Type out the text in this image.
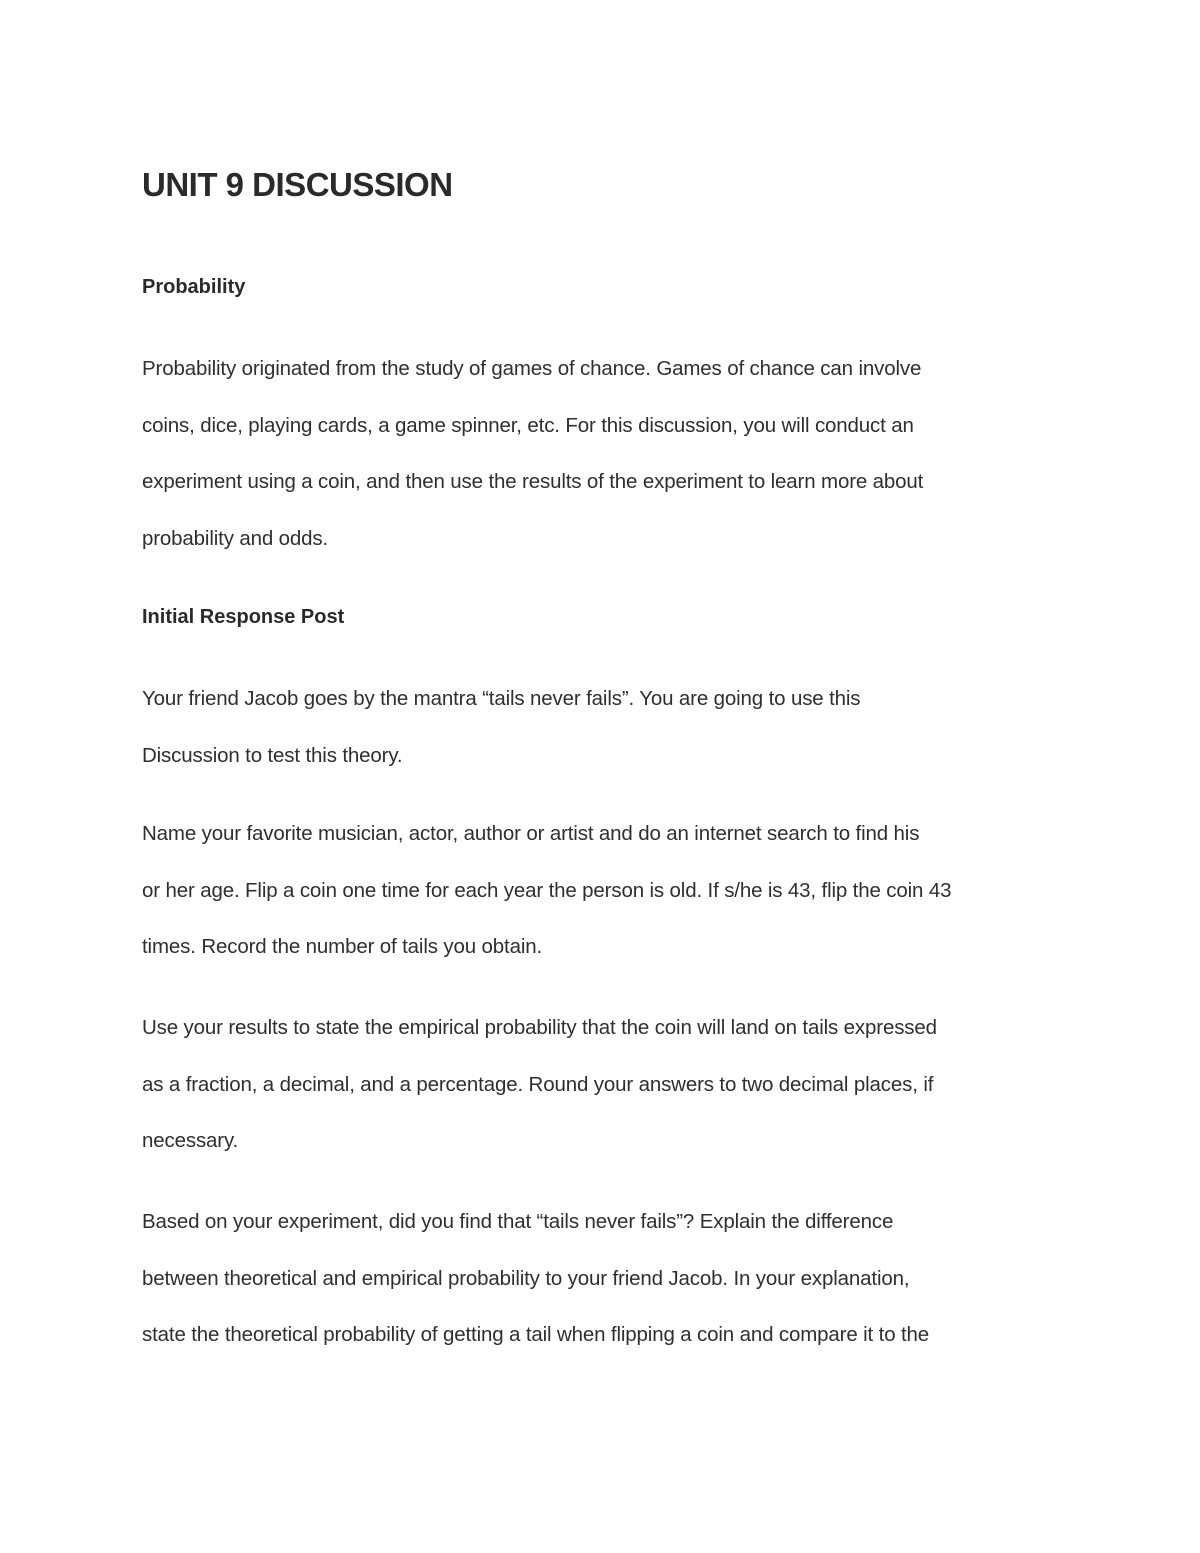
UNIT 9 DISCUSSION
Probability

Probability originated from the study of games of chance. Games of chance can involve
coins, dice, playing cards, a game spinner, etc. For this discussion, you will conduct an
experiment using a coin, and then use the results of the experiment to learn more about
probability and odds.

Initial Response Post

Your friend Jacob goes by the mantra “tails never fails”. You are going to use this
Discussion to test this theory.

Name your favorite musician, actor, author or artist and do an internet search to find his
or her age. Flip a coin one time for each year the person is old. If s/he is 43, flip the coin 43
times. Record the number of tails you obtain.

Use your results to state the empirical probability that the coin will land on tails expressed
as a fraction, a decimal, and a percentage. Round your answers to two decimal places, if
necessary.

Based on your experiment, did you find that “tails never fails”? Explain the difference
between theoretical and empirical probability to your friend Jacob. In your explanation,
state the theoretical probability of getting a tail when flipping a coin and compare it to the
